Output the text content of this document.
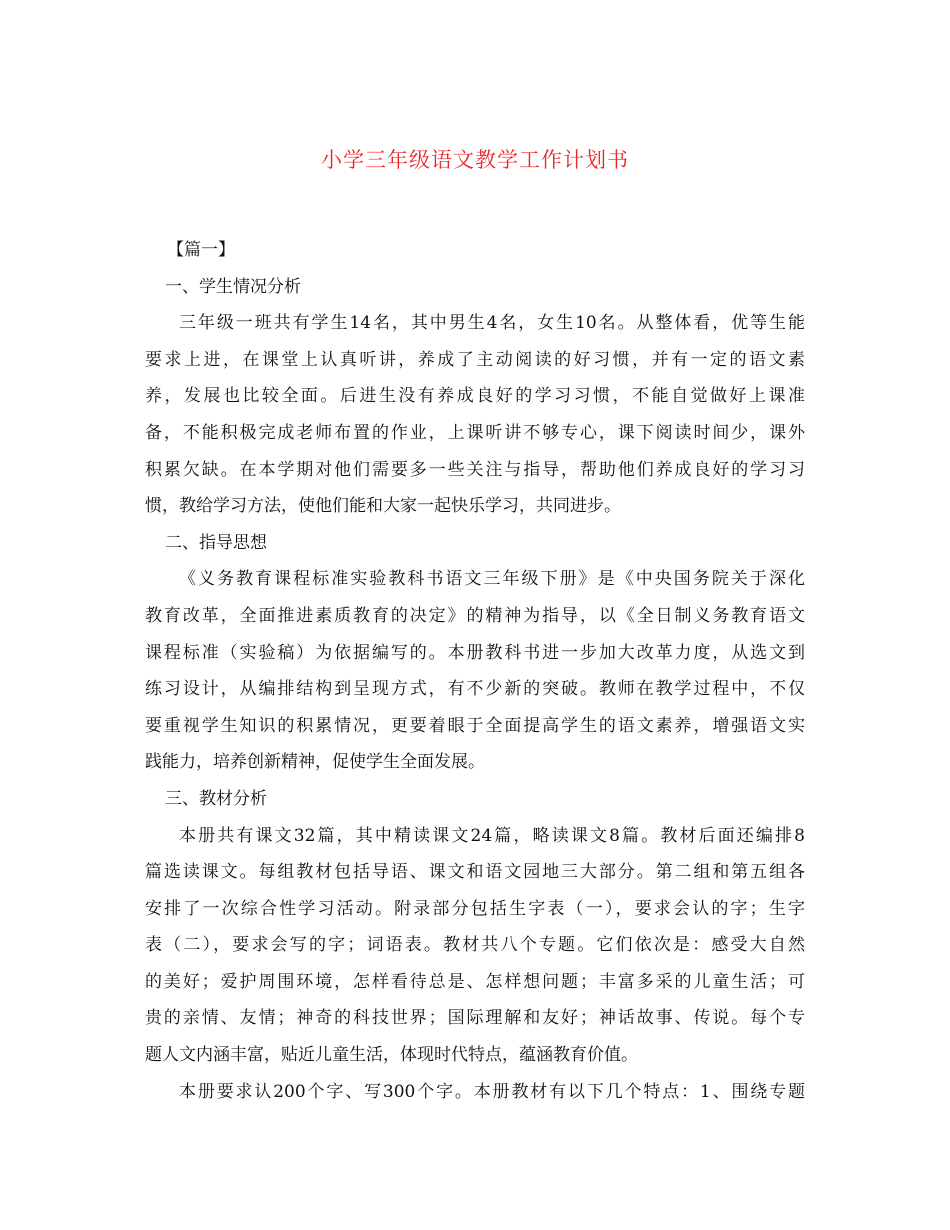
小学三年级语文教学工作计划书
【篇一】
一、学生情况分析
三年级一班共有学生14名，其中男生4名，女生10名。从整体看，优等生能
要求上进，在课堂上认真听讲，养成了主动阅读的好习惯，并有一定的语文素
养，发展也比较全面。后进生没有养成良好的学习习惯，不能自觉做好上课准
备，不能积极完成老师布置的作业，上课听讲不够专心，课下阅读时间少，课外
积累欠缺。在本学期对他们需要多一些关注与指导，帮助他们养成良好的学习习
惯，教给学习方法，使他们能和大家一起快乐学习，共同进步。
二、指导思想
《义务教育课程标准实验教科书语文三年级下册》是《中央国务院关于深化
教育改革，全面推进素质教育的决定》的精神为指导，以《全日制义务教育语文
课程标准（实验稿）为依据编写的。本册教科书进一步加大改革力度，从选文到
练习设计，从编排结构到呈现方式，有不少新的突破。教师在教学过程中，不仅
要重视学生知识的积累情况，更要着眼于全面提高学生的语文素养，增强语文实
践能力，培养创新精神，促使学生全面发展。
三、教材分析
本册共有课文32篇，其中精读课文24篇，略读课文8篇。教材后面还编排8
篇选读课文。每组教材包括导语、课文和语文园地三大部分。第二组和第五组各
安排了一次综合性学习活动。附录部分包括生字表（一），要求会认的字；生字
表（二），要求会写的字；词语表。教材共八个专题。它们依次是：感受大自然
的美好；爱护周围环境，怎样看待总是、怎样想问题；丰富多采的儿童生活；可
贵的亲情、友情；神奇的科技世界；国际理解和友好；神话故事、传说。每个专
题人文内涵丰富，贴近儿童生活，体现时代特点，蕴涵教育价值。
本册要求认200个字、写300个字。本册教材有以下几个特点：1、围绕专题
